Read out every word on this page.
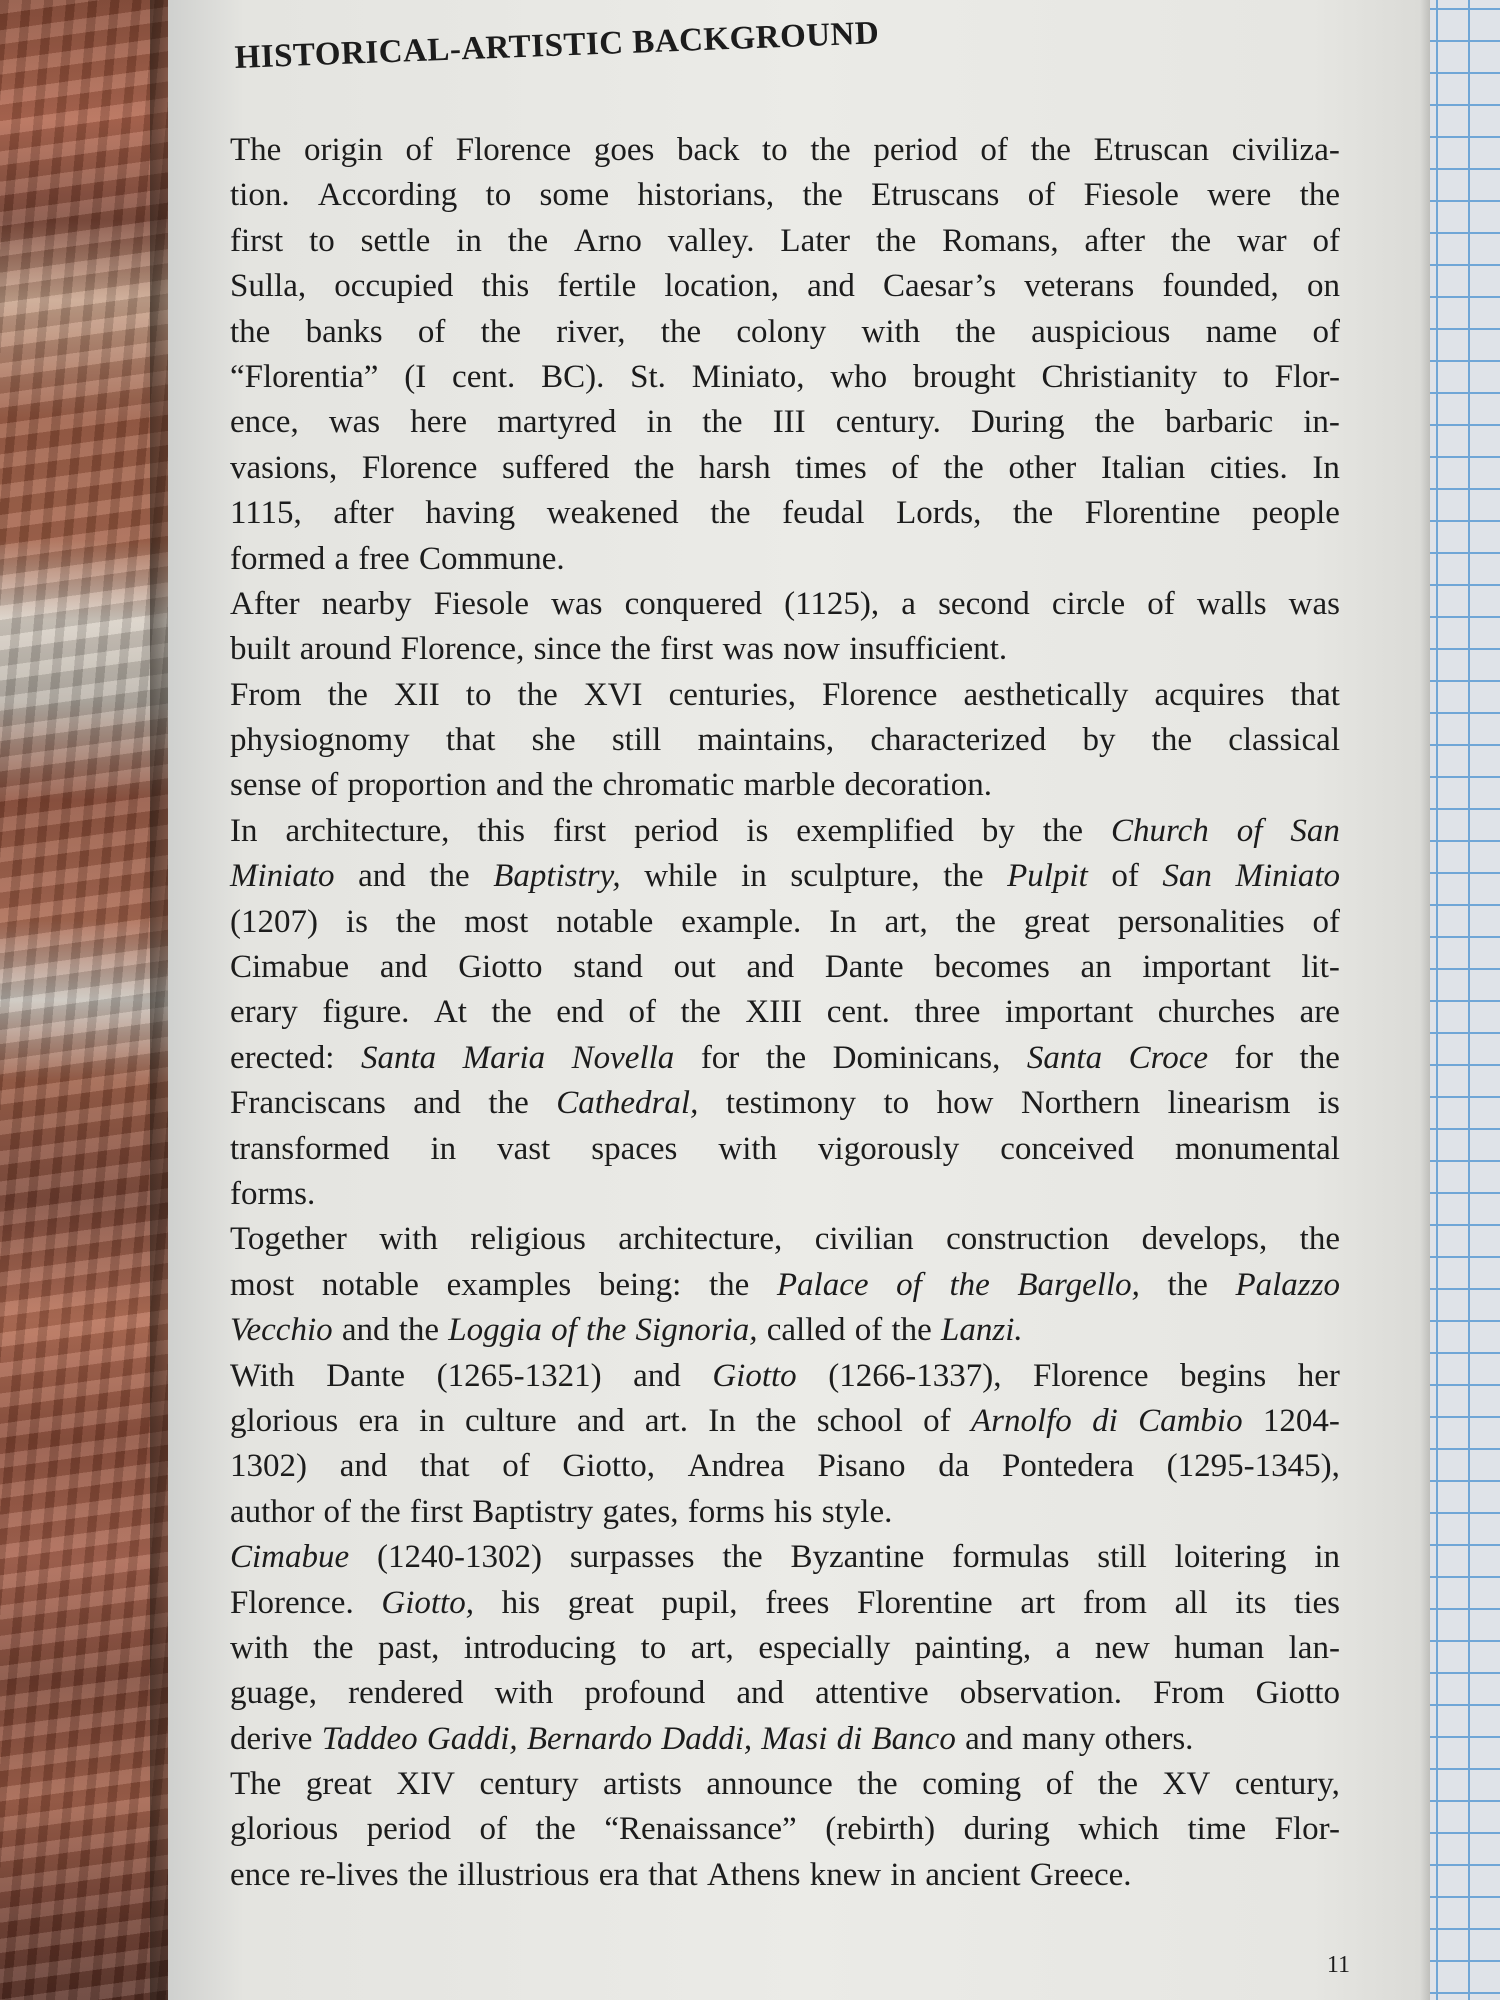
HISTORICAL-ARTISTIC BACKGROUND
The origin of Florence goes back to the period of the Etruscan civiliza-
tion. According to some historians, the Etruscans of Fiesole were the
first to settle in the Arno valley. Later the Romans, after the war of
Sulla, occupied this fertile location, and Caesar’s veterans founded, on
the banks of the river, the colony with the auspicious name of
“Florentia” (I cent. BC). St. Miniato, who brought Christianity to Flor-
ence, was here martyred in the III century. During the barbaric in-
vasions, Florence suffered the harsh times of the other Italian cities. In
1115, after having weakened the feudal Lords, the Florentine people
formed a free Commune.
After nearby Fiesole was conquered (1125), a second circle of walls was
built around Florence, since the first was now insufficient.
From the XII to the XVI centuries, Florence aesthetically acquires that
physiognomy that she still maintains, characterized by the classical
sense of proportion and the chromatic marble decoration.
In architecture, this first period is exemplified by the Church of San
Miniato and the Baptistry, while in sculpture, the Pulpit of San Miniato
(1207) is the most notable example. In art, the great personalities of
Cimabue and Giotto stand out and Dante becomes an important lit-
erary figure. At the end of the XIII cent. three important churches are
erected: Santa Maria Novella for the Dominicans, Santa Croce for the
Franciscans and the Cathedral, testimony to how Northern linearism is
transformed in vast spaces with vigorously conceived monumental
forms.
Together with religious architecture, civilian construction develops, the
most notable examples being: the Palace of the Bargello, the Palazzo
Vecchio and the Loggia of the Signoria, called of the Lanzi.
With Dante (1265-1321) and Giotto (1266-1337), Florence begins her
glorious era in culture and art. In the school of Arnolfo di Cambio 1204-
1302) and that of Giotto, Andrea Pisano da Pontedera (1295-1345),
author of the first Baptistry gates, forms his style.
Cimabue (1240-1302) surpasses the Byzantine formulas still loitering in
Florence. Giotto, his great pupil, frees Florentine art from all its ties
with the past, introducing to art, especially painting, a new human lan-
guage, rendered with profound and attentive observation. From Giotto
derive Taddeo Gaddi, Bernardo Daddi, Masi di Banco and many others.
The great XIV century artists announce the coming of the XV century,
glorious period of the “Renaissance” (rebirth) during which time Flor-
ence re-lives the illustrious era that Athens knew in ancient Greece.
11
